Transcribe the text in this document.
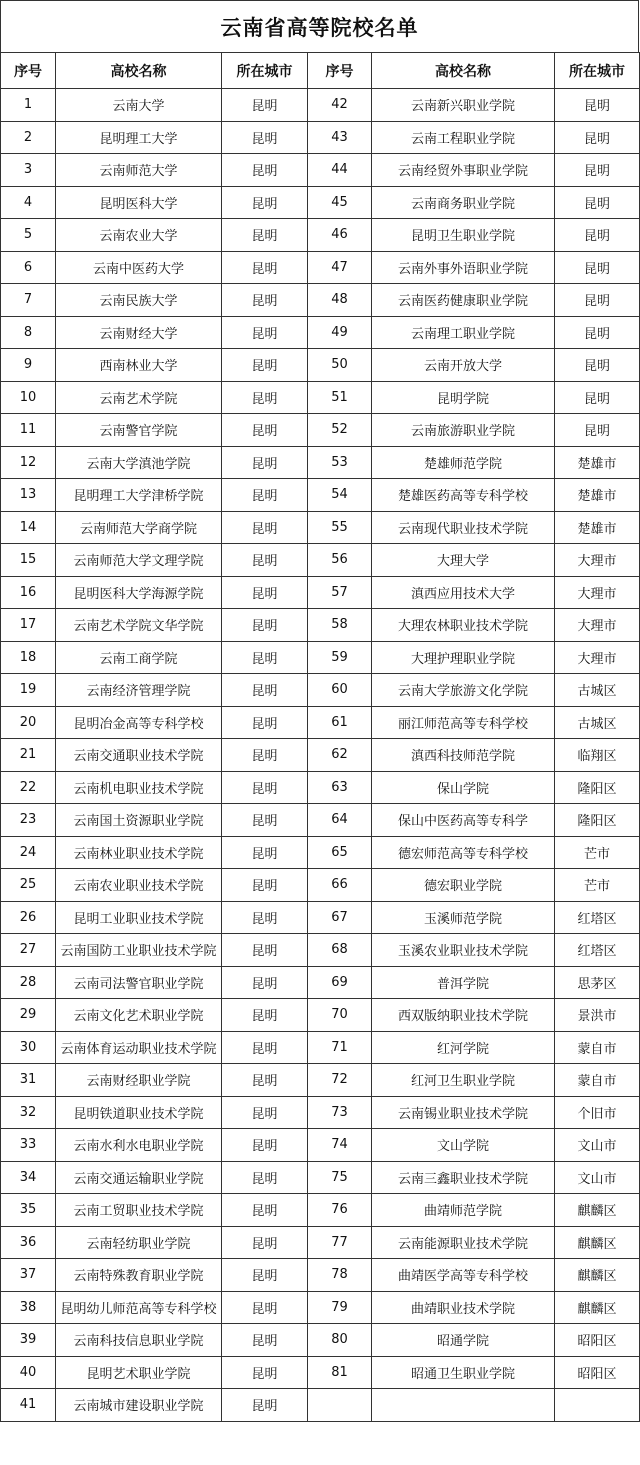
云南省高等院校名单
序号	高校名称	所在城市	序号	高校名称	所在城市
1	云南大学	昆明	42	云南新兴职业学院	昆明
2	昆明理工大学	昆明	43	云南工程职业学院	昆明
3	云南师范大学	昆明	44	云南经贸外事职业学院	昆明
4	昆明医科大学	昆明	45	云南商务职业学院	昆明
5	云南农业大学	昆明	46	昆明卫生职业学院	昆明
6	云南中医药大学	昆明	47	云南外事外语职业学院	昆明
7	云南民族大学	昆明	48	云南医药健康职业学院	昆明
8	云南财经大学	昆明	49	云南理工职业学院	昆明
9	西南林业大学	昆明	50	云南开放大学	昆明
10	云南艺术学院	昆明	51	昆明学院	昆明
11	云南警官学院	昆明	52	云南旅游职业学院	昆明
12	云南大学滇池学院	昆明	53	楚雄师范学院	楚雄市
13	昆明理工大学津桥学院	昆明	54	楚雄医药高等专科学校	楚雄市
14	云南师范大学商学院	昆明	55	云南现代职业技术学院	楚雄市
15	云南师范大学文理学院	昆明	56	大理大学	大理市
16	昆明医科大学海源学院	昆明	57	滇西应用技术大学	大理市
17	云南艺术学院文华学院	昆明	58	大理农林职业技术学院	大理市
18	云南工商学院	昆明	59	大理护理职业学院	大理市
19	云南经济管理学院	昆明	60	云南大学旅游文化学院	古城区
20	昆明冶金高等专科学校	昆明	61	丽江师范高等专科学校	古城区
21	云南交通职业技术学院	昆明	62	滇西科技师范学院	临翔区
22	云南机电职业技术学院	昆明	63	保山学院	隆阳区
23	云南国土资源职业学院	昆明	64	保山中医药高等专科学	隆阳区
24	云南林业职业技术学院	昆明	65	德宏师范高等专科学校	芒市
25	云南农业职业技术学院	昆明	66	德宏职业学院	芒市
26	昆明工业职业技术学院	昆明	67	玉溪师范学院	红塔区
27	云南国防工业职业技术学院	昆明	68	玉溪农业职业技术学院	红塔区
28	云南司法警官职业学院	昆明	69	普洱学院	思茅区
29	云南文化艺术职业学院	昆明	70	西双版纳职业技术学院	景洪市
30	云南体育运动职业技术学院	昆明	71	红河学院	蒙自市
31	云南财经职业学院	昆明	72	红河卫生职业学院	蒙自市
32	昆明铁道职业技术学院	昆明	73	云南锡业职业技术学院	个旧市
33	云南水利水电职业学院	昆明	74	文山学院	文山市
34	云南交通运输职业学院	昆明	75	云南三鑫职业技术学院	文山市
35	云南工贸职业技术学院	昆明	76	曲靖师范学院	麒麟区
36	云南轻纺职业学院	昆明	77	云南能源职业技术学院	麒麟区
37	云南特殊教育职业学院	昆明	78	曲靖医学高等专科学校	麒麟区
38	昆明幼儿师范高等专科学校	昆明	79	曲靖职业技术学院	麒麟区
39	云南科技信息职业学院	昆明	80	昭通学院	昭阳区
40	昆明艺术职业学院	昆明	81	昭通卫生职业学院	昭阳区
41	云南城市建设职业学院	昆明			
